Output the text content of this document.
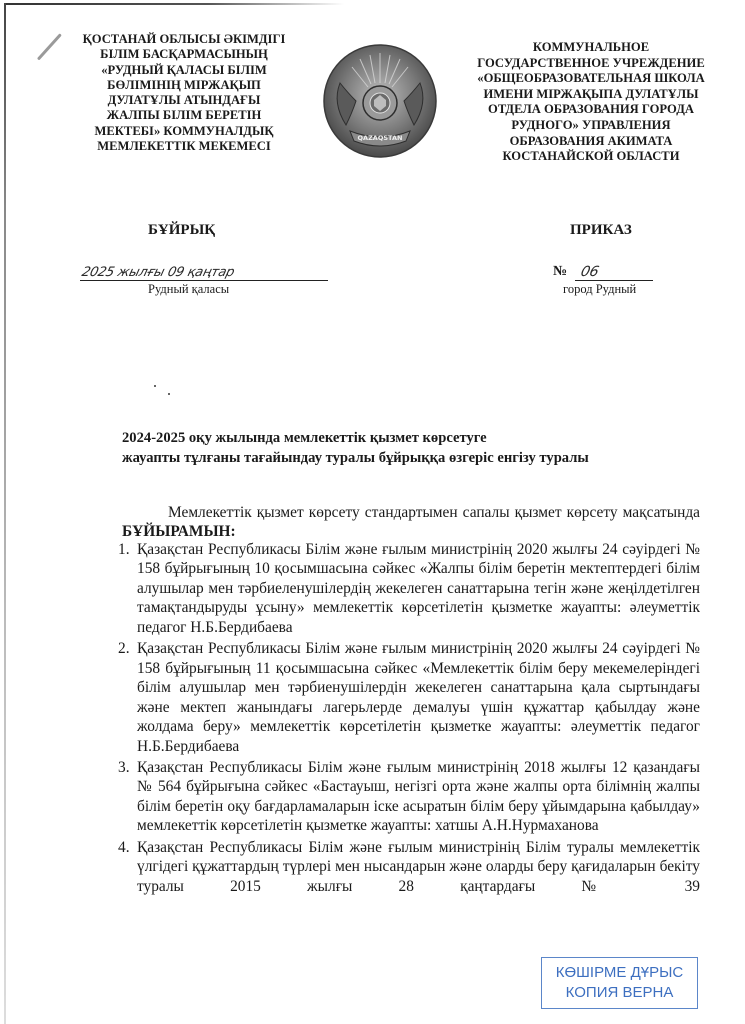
ҚОСТАНАЙ ОБЛЫСЫ ӘКІМДІГІ
БІЛІМ БАСҚАРМАСЫНЫҢ
«РУДНЫЙ ҚАЛАСЫ БІЛІМ
БӨЛІМІНІҢ МІРЖАҚЫП
ДУЛАТҰЛЫ АТЫНДАҒЫ
ЖАЛПЫ БІЛІМ БЕРЕТІН
МЕКТЕБІ» КОММУНАЛДЫҚ
МЕМЛЕКЕТТІК МЕКЕМЕСІ
QAZAQSTAN
КОММУНАЛЬНОЕ
ГОСУДАРСТВЕННОЕ УЧРЕЖДЕНИЕ
«ОБЩЕОБРАЗОВАТЕЛЬНАЯ ШКОЛА
ИМЕНИ МІРЖАҚЫПА ДУЛАТҰЛЫ
ОТДЕЛА ОБРАЗОВАНИЯ ГОРОДА
РУДНОГО» УПРАВЛЕНИЯ
ОБРАЗОВАНИЯ АКИМАТА
КОСТАНАЙСКОЙ ОБЛАСТИ
БҰЙРЫҚ	ПРИКАЗ
2025 жылғы 09 қаңтар
Рудный қаласы
№ 06
город Рудный
2024-2025 оқу жылында мемлекеттік қызмет көрсетуге
жауапты тұлғаны тағайындау туралы бұйрыққа өзгеріс енгізу туралы
Мемлекеттік қызмет көрсету стандартымен сапалы қызмет көрсету мақсатында БҰЙЫРАМЫН:
1. Қазақстан Республикасы Білім және ғылым министрінің 2020 жылғы 24 сәуірдегі № 158 бұйрығының 10 қосымшасына сәйкес «Жалпы білім беретін мектептердегі білім алушылар мен тәрбиеленушілердің жекелеген санаттарына тегін және жеңілдетілген тамақтандыруды ұсыну» мемлекеттік көрсетілетін қызметке жауапты: әлеуметтік педагог Н.Б.Бердибаева
2. Қазақстан Республикасы Білім және ғылым министрінің 2020 жылғы 24 сәуірдегі № 158 бұйрығының 11 қосымшасына сәйкес «Мемлекеттік білім беру мекемелеріндегі білім алушылар мен тәрбиенушілердін жекелеген санаттарына қала сыртындағы және мектеп жанындағы лагерьлерде демалуы үшін құжаттар қабылдау және жолдама беру» мемлекеттік көрсетілетін қызметке жауапты: әлеуметтік педагог Н.Б.Бердибаева
3. Қазақстан Республикасы Білім және ғылым министрінің 2018 жылғы 12 қазандағы № 564 бұйрығына сәйкес «Бастауыш, негізгі орта және жалпы орта білімнің жалпы білім беретін оқу бағдарламаларын іске асыратын білім беру ұйымдарына қабылдау» мемлекеттік көрсетілетін қызметке жауапты: хатшы А.Н.Нурмаханова
4. Қазақстан Республикасы Білім және ғылым министрінің Білім туралы мемлекеттік үлгідегі құжаттардың түрлері мен нысандарын және оларды беру қағидаларын бекіту туралы 2015 жылғы 28 қаңтардағы № 39
КӨШІРМЕ ДҰРЫС
КОПИЯ ВЕРНА
